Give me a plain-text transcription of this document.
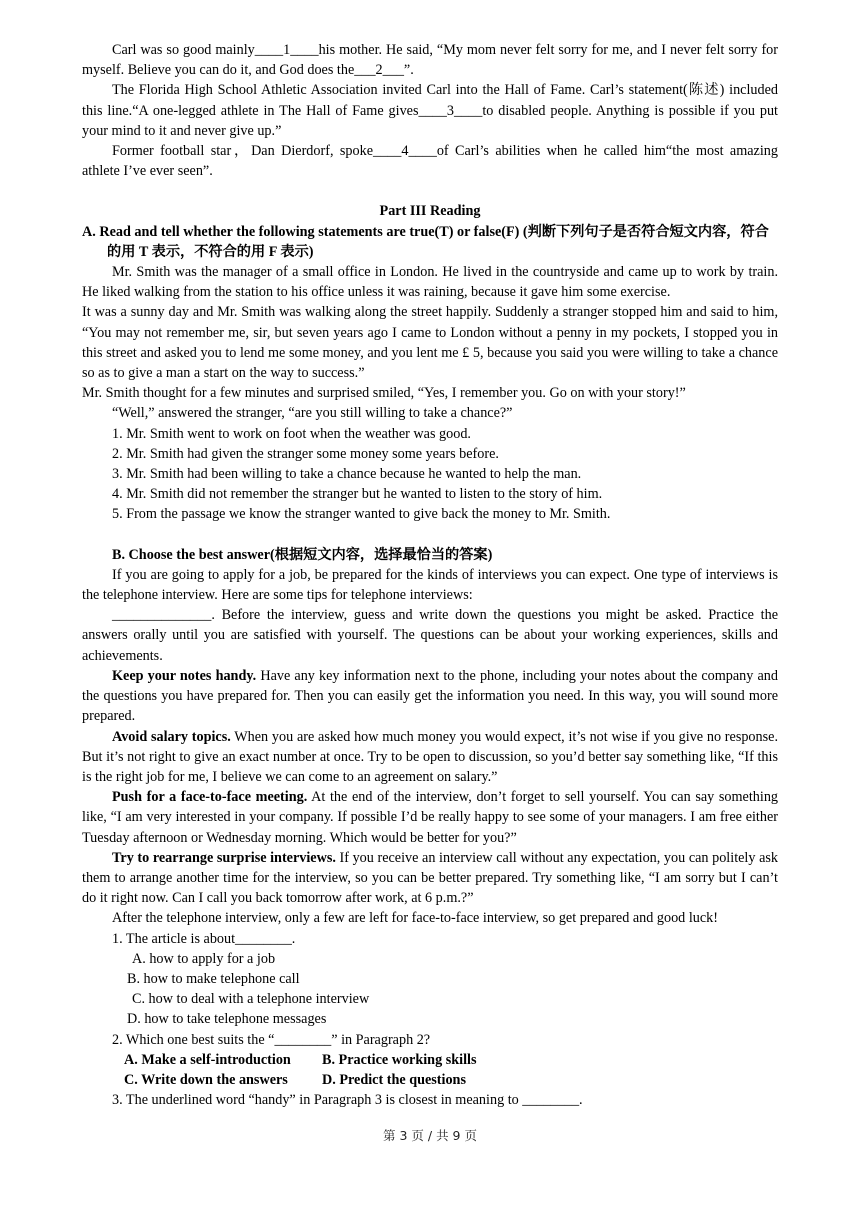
Carl was so good mainly____1____his mother. He said, “My mom never felt sorry for me, and I never felt sorry for myself. Believe you can do it, and God does the___2___”.

The Florida High School Athletic Association invited Carl into the Hall of Fame. Carl’s statement(陈述) included this line.“A one-legged athlete in The Hall of Fame gives____3____to disabled people. Anything is possible if you put your mind to it and never give up.”

Former football star，Dan Dierdorf, spoke____4____of Carl’s abilities when he called him“the most amazing athlete I’ve ever seen”.

Part III Reading

A. Read and tell whether the following statements are true(T) or false(F) (判断下列句子是否符合短文内容，符合的用 T 表示，不符合的用 F 表示)

Mr. Smith was the manager of a small office in London. He lived in the countryside and came up to work by train. He liked walking from the station to his office unless it was raining, because it gave him some exercise.

It was a sunny day and Mr. Smith was walking along the street happily. Suddenly a stranger stopped him and said to him, “You may not remember me, sir, but seven years ago I came to London without a penny in my pockets, I stopped you in this street and asked you to lend me some money, and you lent me £ 5, because you said you were willing to take a chance so as to give a man a start on the way to success.”

Mr. Smith thought for a few minutes and surprised smiled, “Yes, I remember you. Go on with your story!”

“Well,” answered the stranger, “are you still willing to take a chance?”

1. Mr. Smith went to work on foot when the weather was good.

2. Mr. Smith had given the stranger some money some years before.

3. Mr. Smith had been willing to take a chance because he wanted to help the man.

4. Mr. Smith did not remember the stranger but he wanted to listen to the story of him.

5. From the passage we know the stranger wanted to give back the money to Mr. Smith.

B. Choose the best answer(根据短文内容，选择最恰当的答案)

If you are going to apply for a job, be prepared for the kinds of interviews you can expect. One type of interviews is the telephone interview. Here are some tips for telephone interviews:

______________. Before the interview, guess and write down the questions you might be asked. Practice the answers orally until you are satisfied with yourself. The questions can be about your working experiences, skills and achievements.

Keep your notes handy. Have any key information next to the phone, including your notes about the company and the questions you have prepared for. Then you can easily get the information you need. In this way, you will sound more prepared.

Avoid salary topics. When you are asked how much money you would expect, it’s not wise if you give no response. But it’s not right to give an exact number at once. Try to be open to discussion, so you’d better say something like, “If this is the right job for me, I believe we can come to an agreement on salary.”

Push for a face-to-face meeting. At the end of the interview, don’t forget to sell yourself. You can say something like, “I am very interested in your company. If possible I’d be really happy to see some of your managers. I am free either Tuesday afternoon or Wednesday morning. Which would be better for you?”

Try to rearrange surprise interviews. If you receive an interview call without any expectation, you can politely ask them to arrange another time for the interview, so you can be better prepared. Try something like, “I am sorry but I can’t do it right now. Can I call you back tomorrow after work, at 6 p.m.?”

After the telephone interview, only a few are left for face-to-face interview, so get prepared and good luck!

1. The article is about________.

A. how to apply for a job

B. how to make telephone call

C. how to deal with a telephone interview

D. how to take telephone messages

2. Which one best suits the “________” in Paragraph 2?

A. Make a self-introduction B. Practice working skills

C. Write down the answers D. Predict the questions

3. The underlined word “handy” in Paragraph 3 is closest in meaning to ________.

第 3 页 / 共 9 页
